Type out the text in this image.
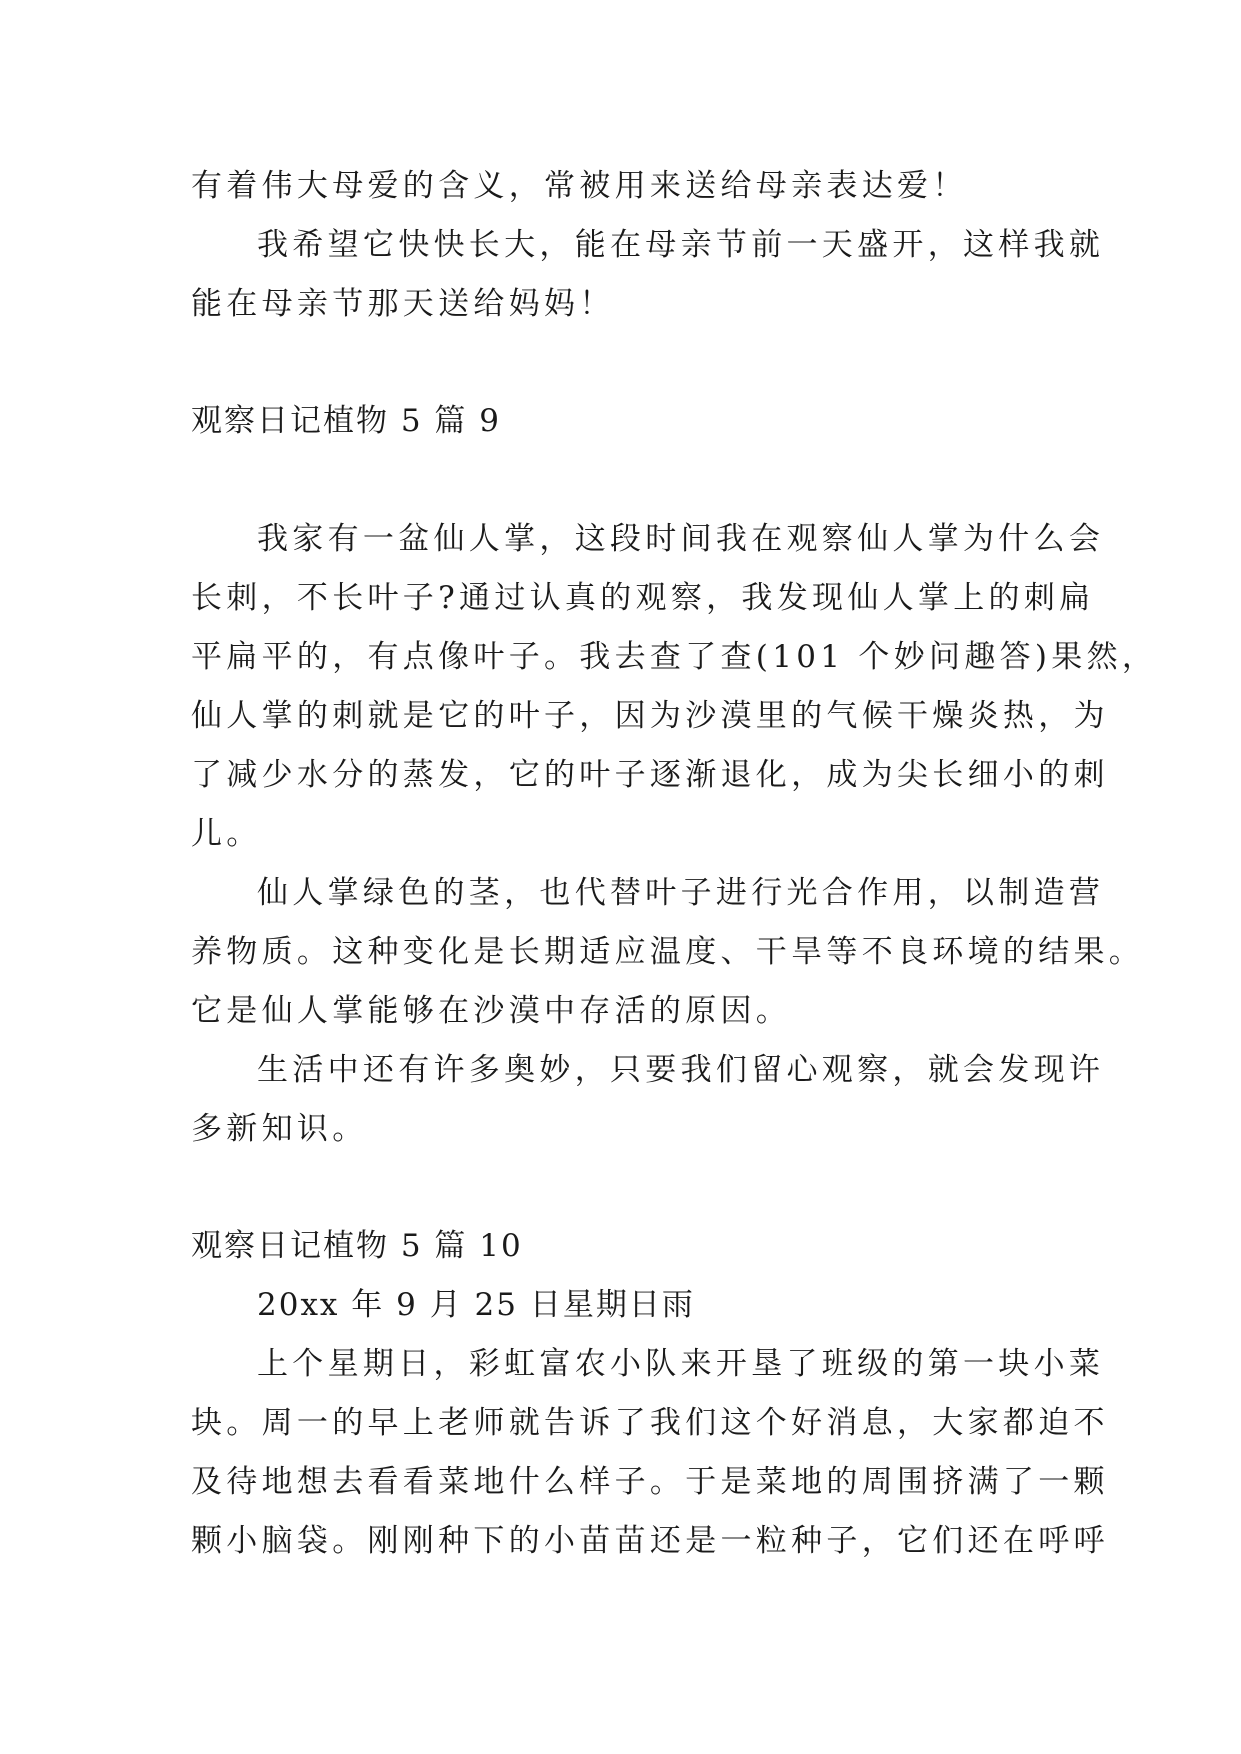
有着伟大母爱的含义，常被用来送给母亲表达爱！
我希望它快快长大，能在母亲节前一天盛开，这样我就
能在母亲节那天送给妈妈！
观察日记植物 5 篇 9
我家有一盆仙人掌，这段时间我在观察仙人掌为什么会
长刺，不长叶子?通过认真的观察，我发现仙人掌上的刺扁
平扁平的，有点像叶子。我去查了查(101 个妙问趣答)果然，
仙人掌的刺就是它的叶子，因为沙漠里的气候干燥炎热，为
了减少水分的蒸发，它的叶子逐渐退化，成为尖长细小的刺
儿。
仙人掌绿色的茎，也代替叶子进行光合作用，以制造营
养物质。这种变化是长期适应温度、干旱等不良环境的结果。
它是仙人掌能够在沙漠中存活的原因。
生活中还有许多奥妙，只要我们留心观察，就会发现许
多新知识。
观察日记植物 5 篇 10
20xx 年 9 月 25 日星期日雨
上个星期日，彩虹富农小队来开垦了班级的第一块小菜
块。周一的早上老师就告诉了我们这个好消息，大家都迫不
及待地想去看看菜地什么样子。于是菜地的周围挤满了一颗
颗小脑袋。刚刚种下的小苗苗还是一粒种子，它们还在呼呼
